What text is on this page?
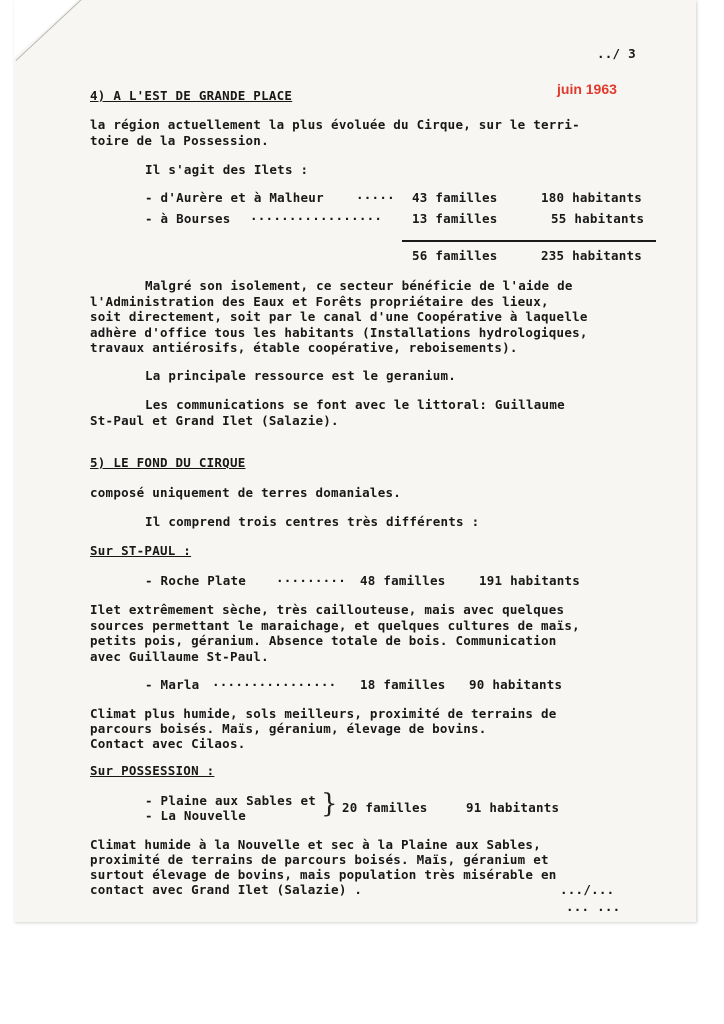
../ 3
juin 1963
4) A L'EST DE GRANDE PLACE
la région actuellement la plus évoluée du Cirque, sur le terri-
toire de la Possession.
Il s'agit des Ilets :
- d'Aurère et à Malheur	····· 43 familles	180 habitants
- à Bourses ················· 13 familles	55 habitants
56 familles	235 habitants
Malgré son isolement, ce secteur bénéficie de l'aide de
l'Administration des Eaux et Forêts propriétaire des lieux,
soit directement, soit par le canal d'une Coopérative à laquelle
adhère d'office tous les habitants (Installations hydrologiques,
travaux antiérosifs, étable coopérative, reboisements).
La principale ressource est le geranium.
Les communications se font avec le littoral: Guillaume
St-Paul et Grand Ilet (Salazie).
5) LE FOND DU CIRQUE
composé uniquement de terres domaniales.
Il comprend trois centres très différents :
Sur ST-PAUL :
- Roche Plate ········· 48 familles	191 habitants
Ilet extrêmement sèche, très caillouteuse, mais avec quelques
sources permettant le maraichage, et quelques cultures de maïs,
petits pois, géranium. Absence totale de bois. Communication
avec Guillaume St-Paul.
- Marla ················ 18 familles 90 habitants
Climat plus humide, sols meilleurs, proximité de terrains de
parcours boisés. Maïs, géranium, élevage de bovins.
Contact avec Cilaos.
Sur POSSESSION :
- Plaine aux Sables et
- La Nouvelle	} 20 familles	91 habitants
Climat humide à la Nouvelle et sec à la Plaine aux Sables,
proximité de terrains de parcours boisés. Maïs, géranium et
surtout élevage de bovins, mais population très misérable en
contact avec Grand Ilet (Salazie) .	.../...
... ...
